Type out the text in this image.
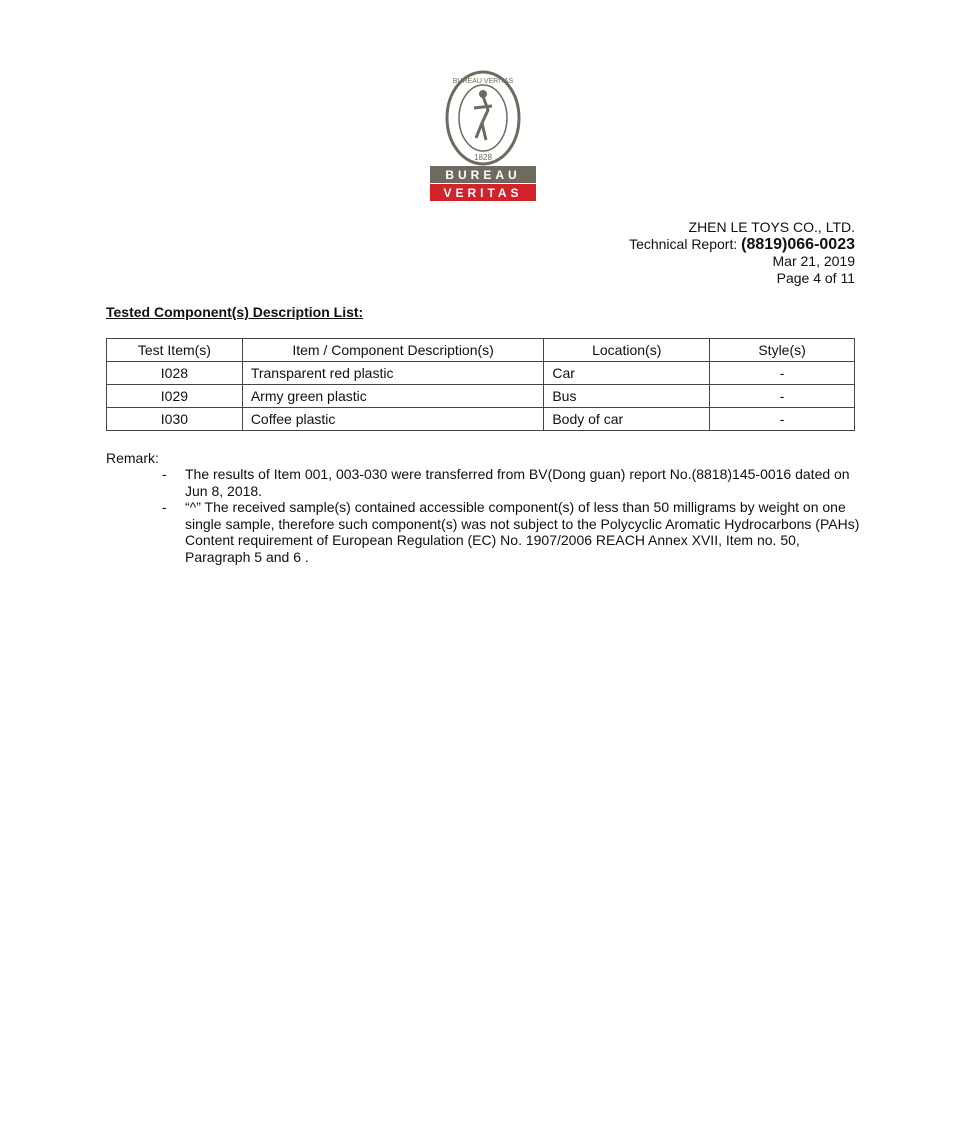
BUREAU VERITAS
1828
BUREAU
VERITAS
ZHEN LE TOYS CO., LTD.
Technical Report: (8819)066-0023
Mar 21, 2019
Page 4 of 11
Tested Component(s) Description List:
Test Item(s)	Item / Component Description(s)	Location(s)	Style(s)
I028	Transparent red plastic	Car	-
I029	Army green plastic	Bus	-
I030	Coffee plastic	Body of car	-
Remark:
- The results of Item 001, 003-030 were transferred from BV(Dong guan) report No.(8818)145-0016 dated on Jun 8, 2018.
- “^” The received sample(s) contained accessible component(s) of less than 50 milligrams by weight on one single sample, therefore such component(s) was not subject to the Polycyclic Aromatic Hydrocarbons (PAHs) Content requirement of European Regulation (EC) No. 1907/2006 REACH Annex XVII, Item no. 50, Paragraph 5 and 6 .
